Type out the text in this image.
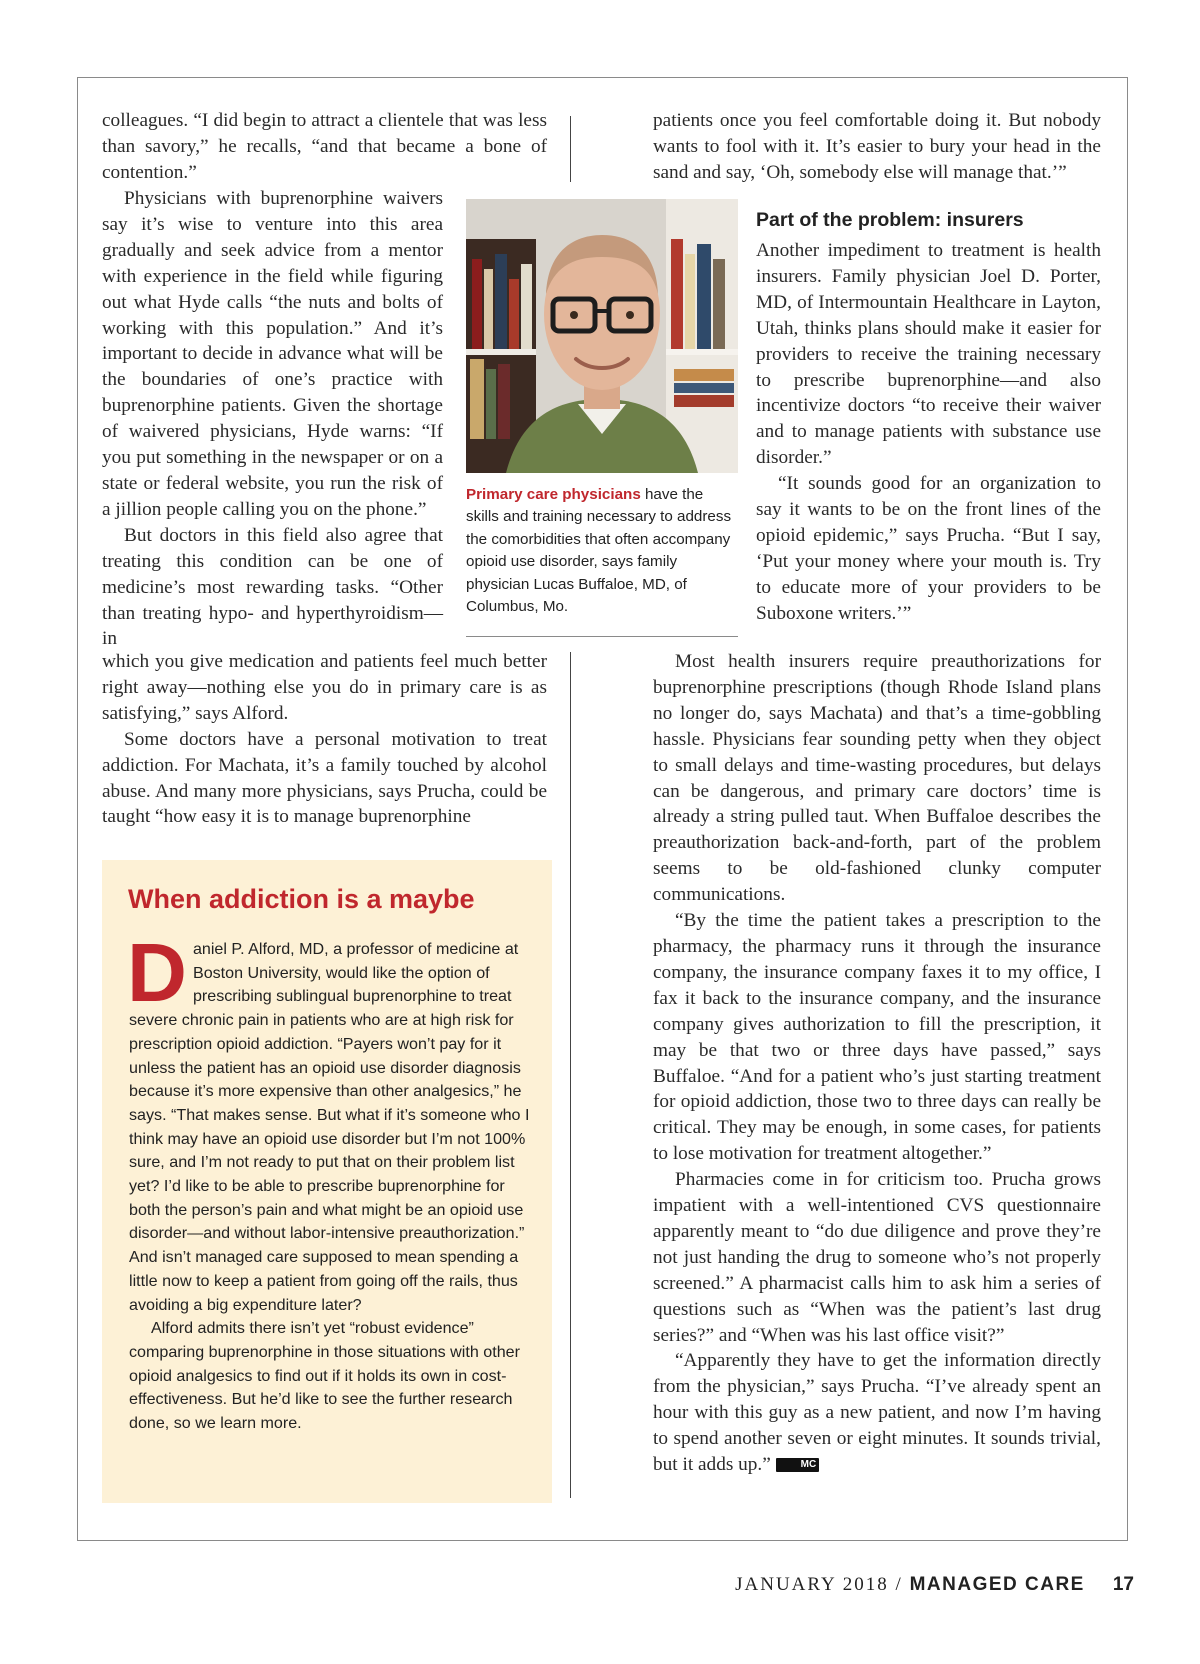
colleagues. “I did begin to attract a clientele that was less than savory,” he recalls, “and that became a bone of contention.”

Physicians with buprenorphine waivers say it’s wise to venture into this area gradually and seek advice from a mentor with experience in the field while figuring out what Hyde calls “the nuts and bolts of working with this population.” And it’s important to decide in advance what will be the boundaries of one’s practice with buprenorphine patients. Given the shortage of waivered physicians, Hyde warns: “If you put something in the newspaper or on a state or federal website, you run the risk of a jillion people calling you on the phone.”

But doctors in this field also agree that treating this condition can be one of medicine’s most rewarding tasks. “Other than treating hypo- and hyperthyroidism—in

which you give medication and patients feel much better right away—nothing else you do in primary care is as satisfying,” says Alford.

Some doctors have a personal motivation to treat addiction. For Machata, it’s a family touched by alcohol abuse. And many more physicians, says Prucha, could be taught “how easy it is to manage buprenorphine

Primary care physicians have the skills and training necessary to address the comorbidities that often accompany opioid use disorder, says family physician Lucas Buffaloe, MD, of Columbus, Mo.

patients once you feel comfortable doing it. But nobody wants to fool with it. It’s easier to bury your head in the sand and say, ‘Oh, somebody else will manage that.’”

Part of the problem: insurers

Another impediment to treatment is health insurers. Family physician Joel D. Porter, MD, of Intermountain Healthcare in Layton, Utah, thinks plans should make it easier for providers to receive the training necessary to prescribe buprenorphine—and also incentivize doctors “to receive their waiver and to manage patients with substance use disorder.”

“It sounds good for an organization to say it wants to be on the front lines of the opioid epidemic,” says Prucha. “But I say, ‘Put your money where your mouth is. Try to educate more of your providers to be Suboxone writers.’”

Most health insurers require preauthorizations for buprenorphine prescriptions (though Rhode Island plans no longer do, says Machata) and that’s a time-gobbling hassle. Physicians fear sounding petty when they object to small delays and time-wasting procedures, but delays can be dangerous, and primary care doctors’ time is already a string pulled taut. When Buffaloe describes the preauthorization back-and-forth, part of the problem seems to be old-fashioned clunky computer communications.

“By the time the patient takes a prescription to the pharmacy, the pharmacy runs it through the insurance company, the insurance company faxes it to my office, I fax it back to the insurance company, and the insurance company gives authorization to fill the prescription, it may be that two or three days have passed,” says Buffaloe. “And for a patient who’s just starting treatment for opioid addiction, those two to three days can really be critical. They may be enough, in some cases, for patients to lose motivation for treatment altogether.”

Pharmacies come in for criticism too. Prucha grows impatient with a well-intentioned CVS questionnaire apparently meant to “do due diligence and prove they’re not just handing the drug to someone who’s not properly screened.” A pharmacist calls him to ask him a series of questions such as “When was the patient’s last drug series?” and “When was his last office visit?”

“Apparently they have to get the information directly from the physician,” says Prucha. “I’ve already spent an hour with this guy as a new patient, and now I’m having to spend another seven or eight minutes. It sounds trivial, but it adds up.”	MC

When addiction is a maybe

Daniel P. Alford, MD, a professor of medicine at Boston University, would like the option of prescribing sublingual buprenorphine to treat severe chronic pain in patients who are at high risk for prescription opioid addiction. “Payers won’t pay for it unless the patient has an opioid use disorder diagnosis because it’s more expensive than other analgesics,” he says. “That makes sense. But what if it’s someone who I think may have an opioid use disorder but I’m not 100% sure, and I’m not ready to put that on their problem list yet? I’d like to be able to prescribe buprenorphine for both the person’s pain and what might be an opioid use disorder—and without labor-intensive preauthorization.” And isn’t managed care supposed to mean spending a little now to keep a patient from going off the rails, thus avoiding a big expenditure later?

Alford admits there isn’t yet “robust evidence” comparing buprenorphine in those situations with other opioid analgesics to find out if it holds its own in cost-effectiveness. But he’d like to see the further research done, so we learn more.

JANUARY 2018 / MANAGED CARE 17
